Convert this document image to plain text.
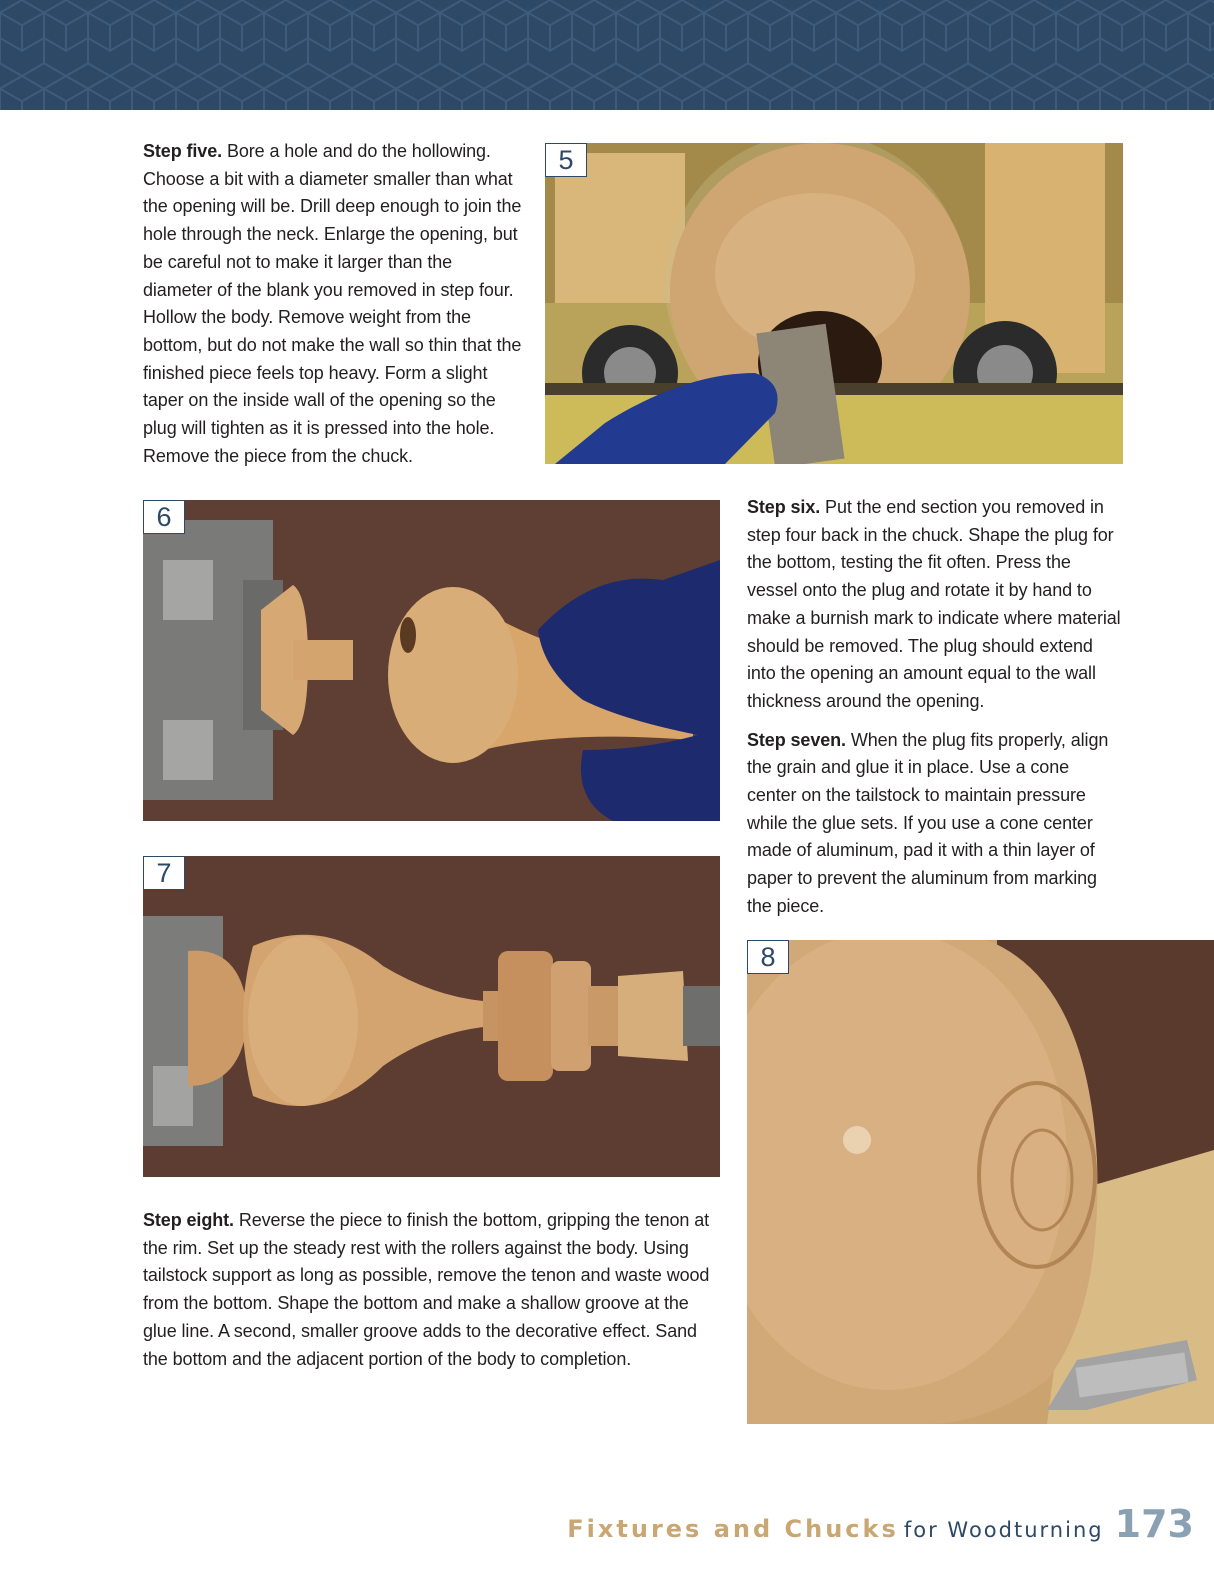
Step five. Bore a hole and do the hollowing. Choose a bit with a diameter smaller than what the opening will be. Drill deep enough to join the hole through the neck. Enlarge the opening, but be careful not to make it larger than the diameter of the blank you removed in step four. Hollow the body. Remove weight from the bottom, but do not make the wall so thin that the finished piece feels top heavy. Form a slight taper on the inside wall of the opening so the plug will tighten as it is pressed into the hole. Remove the piece from the chuck.

5
6	Step six. Put the end section you removed in step four back in the chuck. Shape the plug for the bottom, testing the fit often. Press the vessel onto the plug and rotate it by hand to make a burnish mark to indicate where material should be removed. The plug should extend into the opening an amount equal to the wall thickness around the opening.

Step seven. When the plug fits properly, align the grain and glue it in place. Use a cone center on the tailstock to maintain pressure while the glue sets. If you use a cone center made of aluminum, pad it with a thin layer of paper to prevent the aluminum from marking the piece.

7
8

Step eight. Reverse the piece to finish the bottom, gripping the tenon at the rim. Set up the steady rest with the rollers against the body. Using tailstock support as long as possible, remove the tenon and waste wood from the bottom. Shape the bottom and make a shallow groove at the glue line. A second, smaller groove adds to the decorative effect. Sand the bottom and the adjacent portion of the body to completion.

Fixtures and Chucks for Woodturning 173
